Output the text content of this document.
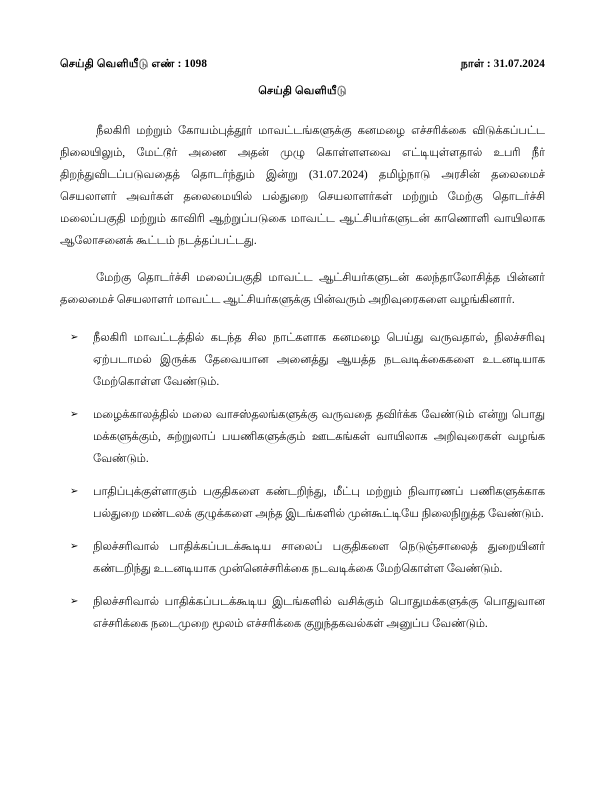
செய்தி வெளியீடு எண் : 1098	நாள் : 31.07.2024
செய்தி வெளியீடு

நீலகிரி மற்றும் கோயம்புத்தூர் மாவட்டங்களுக்கு கனமழை எச்சரிக்கை விடுக்கப்பட்ட நிலையிலும், மேட்டூர் அணை அதன் முழு கொள்ளளவை எட்டியுள்ளதால் உபரி நீர் திறந்துவிடப்படுவதைத் தொடர்ந்தும் இன்று (31.07.2024) தமிழ்நாடு அரசின் தலைமைச் செயலாளர் அவர்கள் தலைமையில் பல்துறை செயலாளர்கள் மற்றும் மேற்கு தொடர்ச்சி மலைப்பகுதி மற்றும் காவிரி ஆற்றுப்படுகை மாவட்ட ஆட்சியர்களுடன் காணொளி வாயிலாக ஆலோசனைக் கூட்டம் நடத்தப்பட்டது.

மேற்கு தொடர்ச்சி மலைப்பகுதி மாவட்ட ஆட்சியர்களுடன் கலந்தாலோசித்த பின்னர் தலைமைச் செயலாளர் மாவட்ட ஆட்சியர்களுக்கு பின்வரும் அறிவுரைகளை வழங்கினார்.

➢ நீலகிரி மாவட்டத்தில் கடந்த சில நாட்களாக கனமழை பெய்து வருவதால், நிலச்சரிவு ஏற்படாமல் இருக்க தேவையான அனைத்து ஆயத்த நடவடிக்கைகளை உடனடியாக மேற்கொள்ள வேண்டும்.
➢ மழைக்காலத்தில் மலை வாசஸ்தலங்களுக்கு வருவதை தவிர்க்க வேண்டும் என்று பொது மக்களுக்கும், சுற்றுலாப் பயணிகளுக்கும் ஊடகங்கள் வாயிலாக அறிவுரைகள் வழங்க வேண்டும்.
➢ பாதிப்புக்குள்ளாகும் பகுதிகளை கண்டறிந்து, மீட்பு மற்றும் நிவாரணப் பணிகளுக்காக பல்துறை மண்டலக் குழுக்களை அந்த இடங்களில் முன்கூட்டியே நிலைநிறுத்த வேண்டும்.
➢ நிலச்சரிவால் பாதிக்கப்படக்கூடிய சாலைப் பகுதிகளை நெடுஞ்சாலைத் துறையினர் கண்டறிந்து உடனடியாக முன்னெச்சரிக்கை நடவடிக்கை மேற்கொள்ள வேண்டும்.
➢ நிலச்சரிவால் பாதிக்கப்படக்கூடிய இடங்களில் வசிக்கும் பொதுமக்களுக்கு பொதுவான எச்சரிக்கை நடைமுறை மூலம் எச்சரிக்கை குறுந்தகவல்கள் அனுப்ப வேண்டும்.
